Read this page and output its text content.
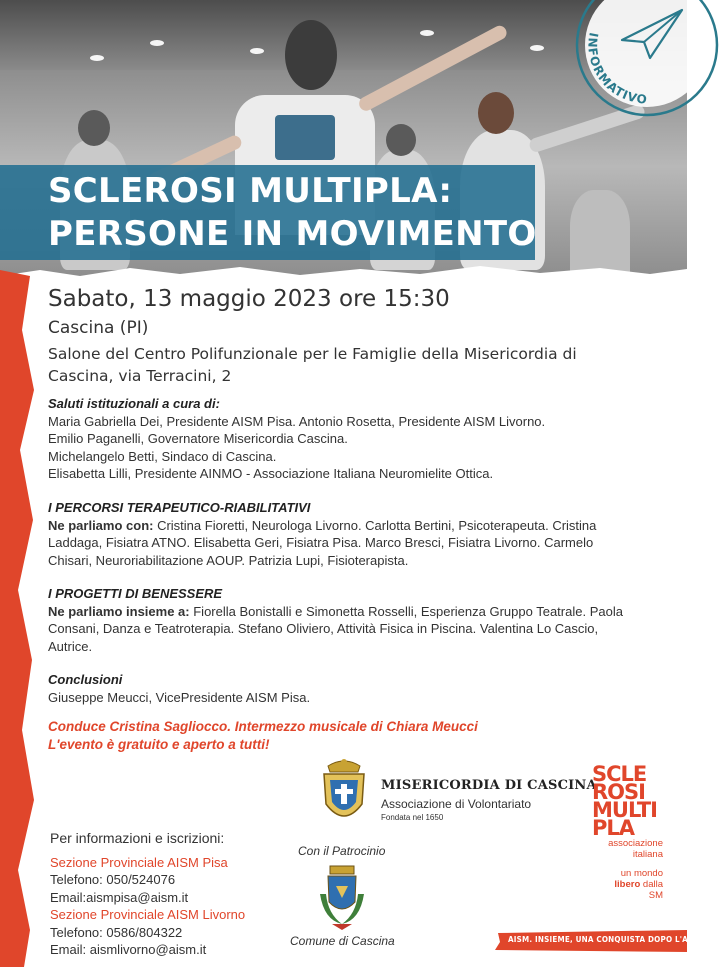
SCLEROSI MULTIPLA:
PERSONE IN MOVIMENTO
INFORMATIVO
Sabato, 13 maggio 2023 ore 15:30
Cascina (PI)
Salone del Centro Polifunzionale per le Famiglie della Misericordia di
Cascina, via Terracini, 2
Saluti istituzionali a cura di:
Maria Gabriella Dei, Presidente AISM Pisa. Antonio Rosetta, Presidente AISM Livorno.
Emilio Paganelli, Governatore Misericordia Cascina.
Michelangelo Betti, Sindaco di Cascina.
Elisabetta Lilli, Presidente AINMO - Associazione Italiana Neuromielite Ottica.
I PERCORSI TERAPEUTICO-RIABILITATIVI
Ne parliamo con: Cristina Fioretti, Neurologa Livorno. Carlotta Bertini, Psicoterapeuta. Cristina
Laddaga, Fisiatra ATNO. Elisabetta Geri, Fisiatra Pisa. Marco Bresci, Fisiatra Livorno. Carmelo
Chisari, Neuroriabilitazione AOUP. Patrizia Lupi, Fisioterapista.
I PROGETTI DI BENESSERE
Ne parliamo insieme a: Fiorella Bonistalli e Simonetta Rosselli, Esperienza Gruppo Teatrale. Paola
Consani, Danza e Teatroterapia. Stefano Oliviero, Attività Fisica in Piscina. Valentina Lo Cascio,
Autrice.
Conclusioni
Giuseppe Meucci, VicePresidente AISM Pisa.
Conduce Cristina Sagliocco. Intermezzo musicale di Chiara Meucci
L'evento è gratuito e aperto a tutti!
MISERICORDIA DI CASCINA
Associazione di Volontariato
Fondata nel 1650
SCLE
ROSI
MULTI
PLA
associazione
italiana
un mondo
libero dalla SM
Per informazioni e iscrizioni:
Sezione Provinciale AISM Pisa
Telefono: 050/524076
Email:aismpisa@aism.it
Sezione Provinciale AISM Livorno
Telefono: 0586/804322
Email: aismlivorno@aism.it
Con il Patrocinio
Comune di Cascina	AISM. INSIEME, UNA CONQUISTA DOPO L'ALTRA
